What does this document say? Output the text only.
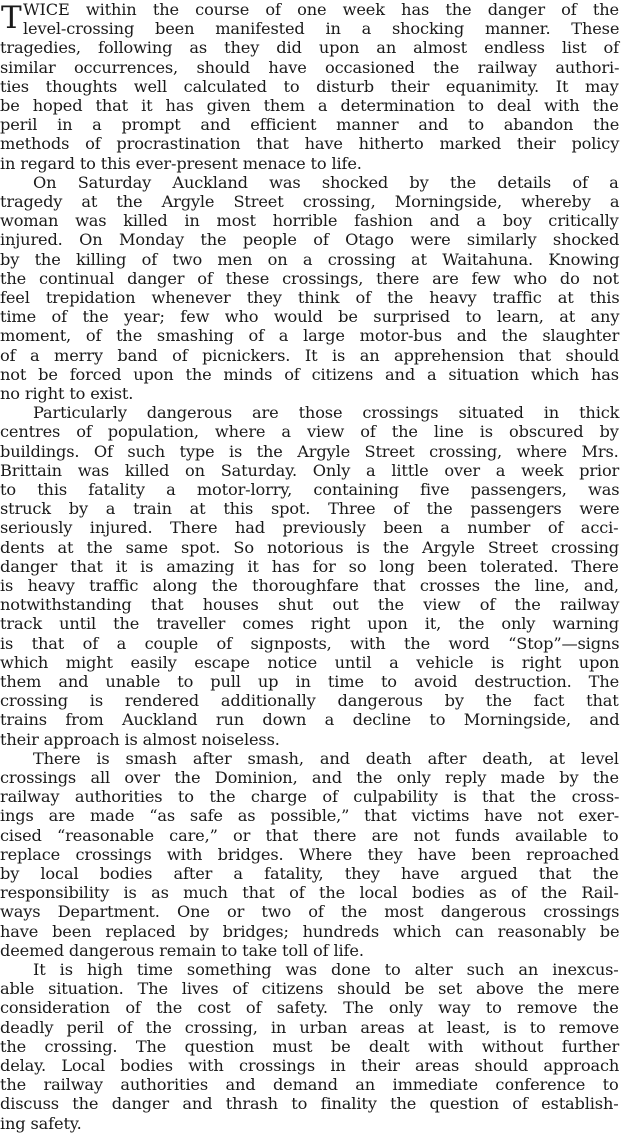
T WICE within the course of one week has the danger of the
level-crossing been manifested in a shocking manner. These
tragedies, following as they did upon an almost endless list of
similar occurrences, should have occasioned the railway authori-
ties thoughts well calculated to disturb their equanimity. It may
be hoped that it has given them a determination to deal with the
peril in a prompt and efficient manner and to abandon the
methods of procrastination that have hitherto marked their policy
in regard to this ever-present menace to life.
On Saturday Auckland was shocked by the details of a
tragedy at the Argyle Street crossing, Morningside, whereby a
woman was killed in most horrible fashion and a boy critically
injured. On Monday the people of Otago were similarly shocked
by the killing of two men on a crossing at Waitahuna. Knowing
the continual danger of these crossings, there are few who do not
feel trepidation whenever they think of the heavy traffic at this
time of the year; few who would be surprised to learn, at any
moment, of the smashing of a large motor-bus and the slaughter
of a merry band of picnickers. It is an apprehension that should
not be forced upon the minds of citizens and a situation which has
no right to exist.
Particularly dangerous are those crossings situated in thick
centres of population, where a view of the line is obscured by
buildings. Of such type is the Argyle Street crossing, where Mrs.
Brittain was killed on Saturday. Only a little over a week prior
to this fatality a motor-lorry, containing five passengers, was
struck by a train at this spot. Three of the passengers were
seriously injured. There had previously been a number of acci-
dents at the same spot. So notorious is the Argyle Street crossing
danger that it is amazing it has for so long been tolerated. There
is heavy traffic along the thoroughfare that crosses the line, and,
notwithstanding that houses shut out the view of the railway
track until the traveller comes right upon it, the only warning
is that of a couple of signposts, with the word “Stop”—signs
which might easily escape notice until a vehicle is right upon
them and unable to pull up in time to avoid destruction. The
crossing is rendered additionally dangerous by the fact that
trains from Auckland run down a decline to Morningside, and
their approach is almost noiseless.
There is smash after smash, and death after death, at level
crossings all over the Dominion, and the only reply made by the
railway authorities to the charge of culpability is that the cross-
ings are made “as safe as possible,” that victims have not exer-
cised “reasonable care,” or that there are not funds available to
replace crossings with bridges. Where they have been reproached
by local bodies after a fatality, they have argued that the
responsibility is as much that of the local bodies as of the Rail-
ways Department. One or two of the most dangerous crossings
have been replaced by bridges; hundreds which can reasonably be
deemed dangerous remain to take toll of life.
It is high time something was done to alter such an inexcus-
able situation. The lives of citizens should be set above the mere
consideration of the cost of safety. The only way to remove the
deadly peril of the crossing, in urban areas at least, is to remove
the crossing. The question must be dealt with without further
delay. Local bodies with crossings in their areas should approach
the railway authorities and demand an immediate conference to
discuss the danger and thrash to finality the question of establish-
ing safety.
